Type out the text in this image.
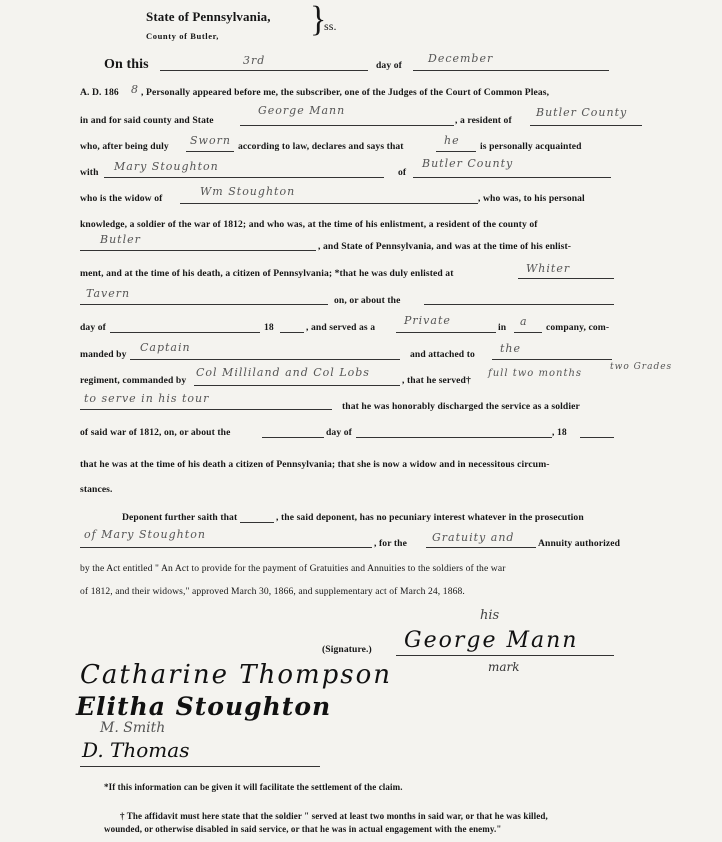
State of Pennsylvania,
County of Butler,	}
ss.
On this	3rd	day of
December
A. D. 186 8 , Personally appeared before me, the subscriber, one of the Judges of the Court of Common Pleas,
in and for said county and State
George Mann
, a resident of
Butler County
who, after being duly Sworn according to law, declares and says that	he is personally acquainted
with Mary Stoughton	of
Butler County
who is the widow of
Wm Stoughton
, who was, to his personal
knowledge, a soldier of the war of 1812; and who was, at the time of his enlistment, a resident of the county of
Butler
, and State of Pennsylvania, and was at the time of his enlist-
ment, and at the time of his death, a citizen of Pennsylvania; *that he was duly enlisted at	Whiter
Tavern
on, or about the
day of	18	, and served as a
Private
in a company, com-
manded by
Captain
and attached to the
two Grades
regiment, commanded by
Col Milliland and Col Lobs
, that he served†
full two months
to serve in his tour
that he was honorably discharged the service as a soldier
of said war of 1812, on, or about the	day of	, 18
that he was at the time of his death a citizen of Pennsylvania; that she is now a widow and in necessitous circum-
stances.
Deponent further saith that	, the said deponent, has no pecuniary interest whatever in the prosecution
of Mary Stoughton
, for the Gratuity and Annuity authorized
by the Act entitled " An Act to provide for the payment of Gratuities and Annuities to the soldiers of the war
of 1812, and their widows," approved March 30, 1866, and supplementary act of March 24, 1868.
(Signature.)
his
George Mann
mark
Catharine Thompson
Elitha Stoughton
M. Smith
D. Thomas
*If this information can be given it will facilitate the settlement of the claim.
† The affidavit must here state that the soldier " served at least two months in said war, or that he was killed,
wounded, or otherwise disabled in said service, or that he was in actual engagement with the enemy."
